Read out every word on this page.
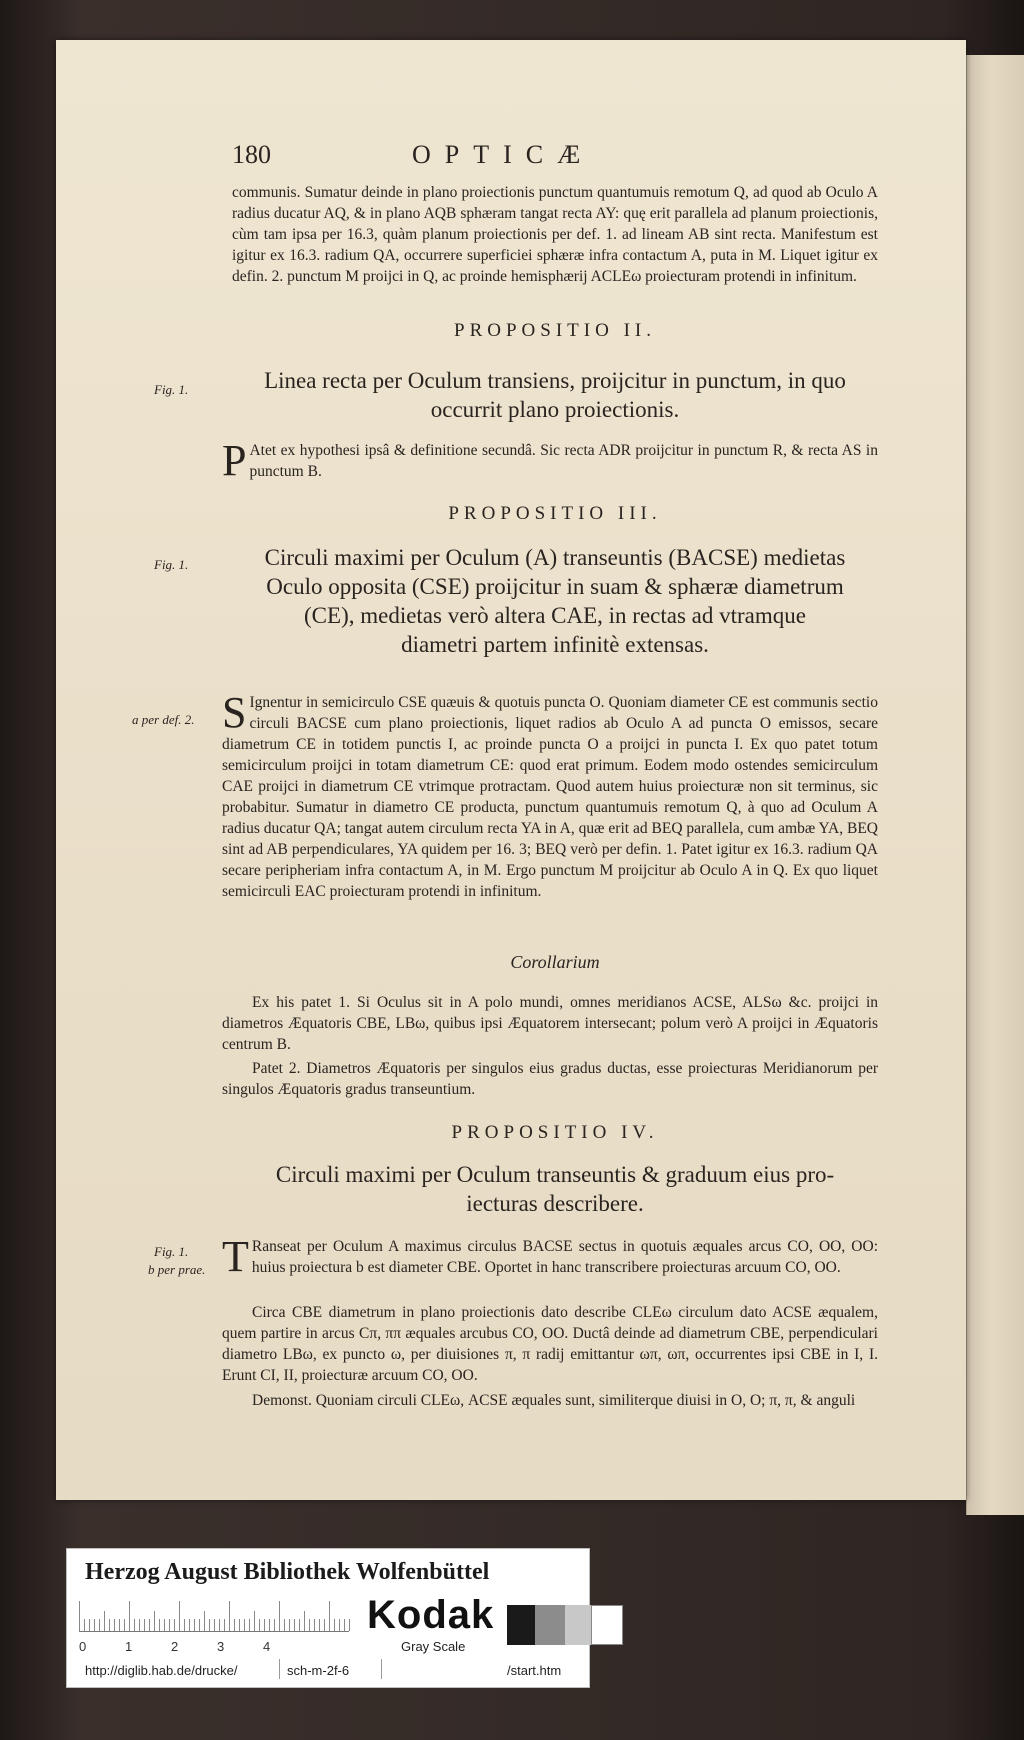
180	OPTICÆ
communis. Sumatur deinde in plano proiectionis punctum quantumuis remotum Q, ad quod ab Oculo A radius ducatur AQ, & in plano AQB sphæram tangat recta AY: quę erit parallela ad planum proiectionis, cùm tam ipsa per 16.3, quàm planum proiectionis per def. 1. ad lineam AB sint recta. Manifestum est igitur ex 16.3. radium QA, occurrere superficiei sphæræ infra contactum A, puta in M. Liquet igitur ex defin. 2. punctum M proijci in Q, ac proinde hemisphærij ACLEω proiecturam protendi in infinitum.
PROPOSITIO II.
Fig. 1.	Linea recta per Oculum transiens, proijcitur in punctum, in quo
occurrit plano proiectionis.
P Atet ex hypothesi ipsâ & definitione secundâ. Sic recta ADR proijcitur in punctum R, & recta AS in punctum B.
PROPOSITIO III.
Fig. 1.	Circuli maximi per Oculum (A) transeuntis (BACSE) medietas
Oculo opposita (CSE) proijcitur in suam & sphæræ diametrum
(CE), medietas verò altera CAE, in rectas ad vtramque
diametri partem infinitè extensas.
a per def. 2. S Ignentur in semicirculo CSE quæuis & quotuis puncta O. Quoniam diameter CE est communis sectio circuli BACSE cum plano proiectionis, liquet radios ab Oculo A ad puncta O emissos, secare diametrum CE in totidem punctis I, ac proinde puncta O a proijci in puncta I. Ex quo patet totum semicirculum proijci in totam diametrum CE: quod erat primum. Eodem modo ostendes semicirculum CAE proijci in diametrum CE vtrimque protractam. Quod autem huius proiecturæ non sit terminus, sic probabitur. Sumatur in diametro CE producta, punctum quantumuis remotum Q, à quo ad Oculum A radius ducatur QA; tangat autem circulum recta YA in A, quæ erit ad BEQ parallela, cum ambæ YA, BEQ sint ad AB perpendiculares, YA quidem per 16. 3; BEQ verò per defin. 1. Patet igitur ex 16.3. radium QA secare peripheriam infra contactum A, in M. Ergo punctum M proijcitur ab Oculo A in Q. Ex quo liquet semicirculi EAC proiecturam protendi in infinitum.
Corollarium
Ex his patet 1. Si Oculus sit in A polo mundi, omnes meridianos ACSE, ALSω &c. proijci in diametros Æquatoris CBE, LBω, quibus ipsi Æquatorem intersecant; polum verò A proijci in Æquatoris centrum B.
Patet 2. Diametros Æquatoris per singulos eius gradus ductas, esse proiecturas Meridianorum per singulos Æquatoris gradus transeuntium.
PROPOSITIO IV.
Circuli maximi per Oculum transeuntis & graduum eius pro-
iecturas describere.
Fig. 1.
b per prae. T Ranseat per Oculum A maximus circulus BACSE sectus in quotuis æquales arcus CO, OO, OO: huius proiectura b est diameter CBE. Oportet in hanc transcribere proiecturas arcuum CO, OO.
Circa CBE diametrum in plano proiectionis dato describe CLEω circulum dato ACSE æqualem, quem partire in arcus Cπ, ππ æquales arcubus CO, OO. Ductâ deinde ad diametrum CBE, perpendiculari diametro LBω, ex puncto ω, per diuisiones π, π radij emittantur ωπ, ωπ, occurrentes ipsi CBE in I, I. Erunt CI, II, proiecturæ arcuum CO, OO.
Demonst. Quoniam circuli CLEω, ACSE æquales sunt, similiterque diuisi in O, O; π, π, & anguli
Herzog August Bibliothek Wolfenbüttel
0	1	2	3	4
Kodak
Gray Scale
http://diglib.hab.de/drucke/	sch-m-2f-6	/start.htm
